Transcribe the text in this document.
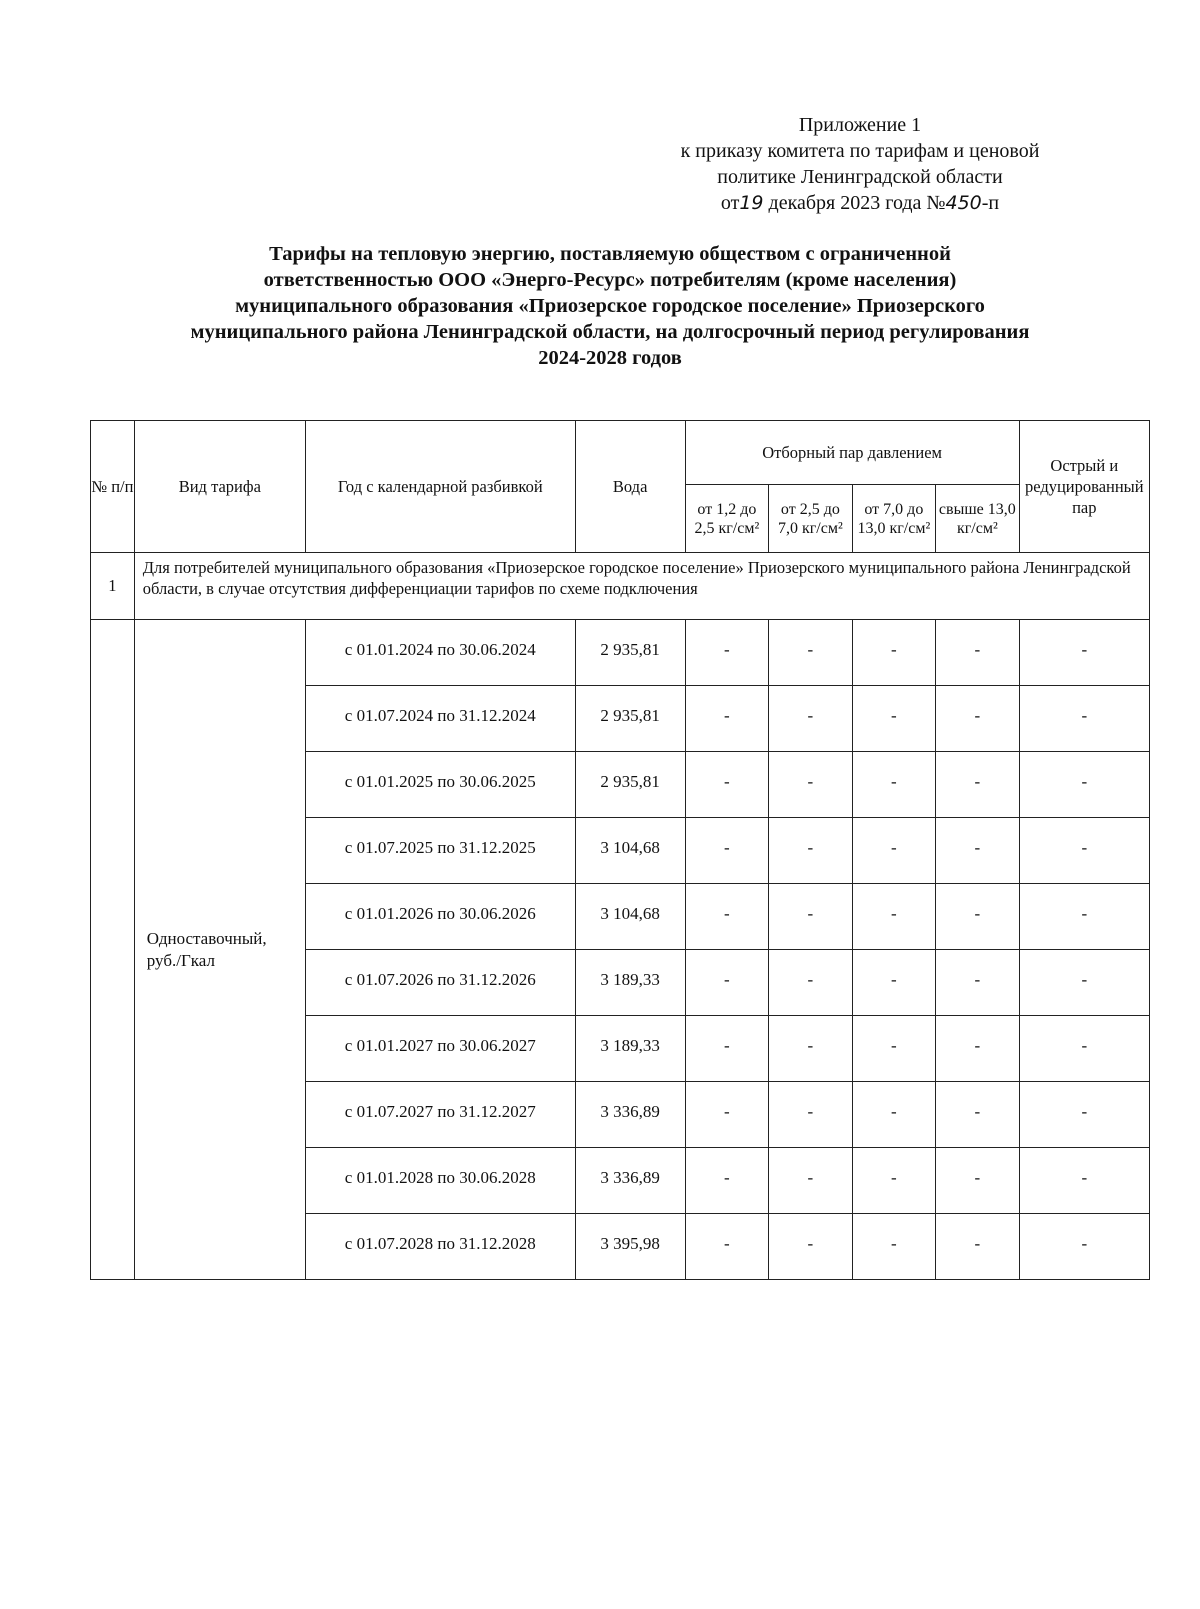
Приложение 1
к приказу комитета по тарифам и ценовой
политике Ленинградской области
от19 декабря 2023 года №450-п
Тарифы на тепловую энергию, поставляемую обществом с ограниченной
ответственностью ООО «Энерго-Ресурс» потребителям (кроме населения)
муниципального образования «Приозерское городское поселение» Приозерского
муниципального района Ленинградской области, на долгосрочный период регулирования
2024-2028 годов
№ п/п	Вид тарифа	Год с календарной разбивкой	Вода	Отборный пар давлением				Острый и редуцированный пар
				от 1,2 до 2,5 кг/см²	от 2,5 до 7,0 кг/см²	от 7,0 до 13,0 кг/см²	свыше 13,0 кг/см²	
1	Для потребителей муниципального образования «Приозерское городское поселение» Приозерского муниципального района Ленинградской области, в случае отсутствия дифференциации тарифов по схеме подключения							
	Одноставочный, руб./Гкал	с 01.01.2024 по 30.06.2024	2 935,81	-	-	-	-	-
		с 01.07.2024 по 31.12.2024	2 935,81	-	-	-	-	-
		с 01.01.2025 по 30.06.2025	2 935,81	-	-	-	-	-
		с 01.07.2025 по 31.12.2025	3 104,68	-	-	-	-	-
		с 01.01.2026 по 30.06.2026	3 104,68	-	-	-	-	-
		с 01.07.2026 по 31.12.2026	3 189,33	-	-	-	-	-
		с 01.01.2027 по 30.06.2027	3 189,33	-	-	-	-	-
		с 01.07.2027 по 31.12.2027	3 336,89	-	-	-	-	-
		с 01.01.2028 по 30.06.2028	3 336,89	-	-	-	-	-
		с 01.07.2028 по 31.12.2028	3 395,98	-	-	-	-	-
